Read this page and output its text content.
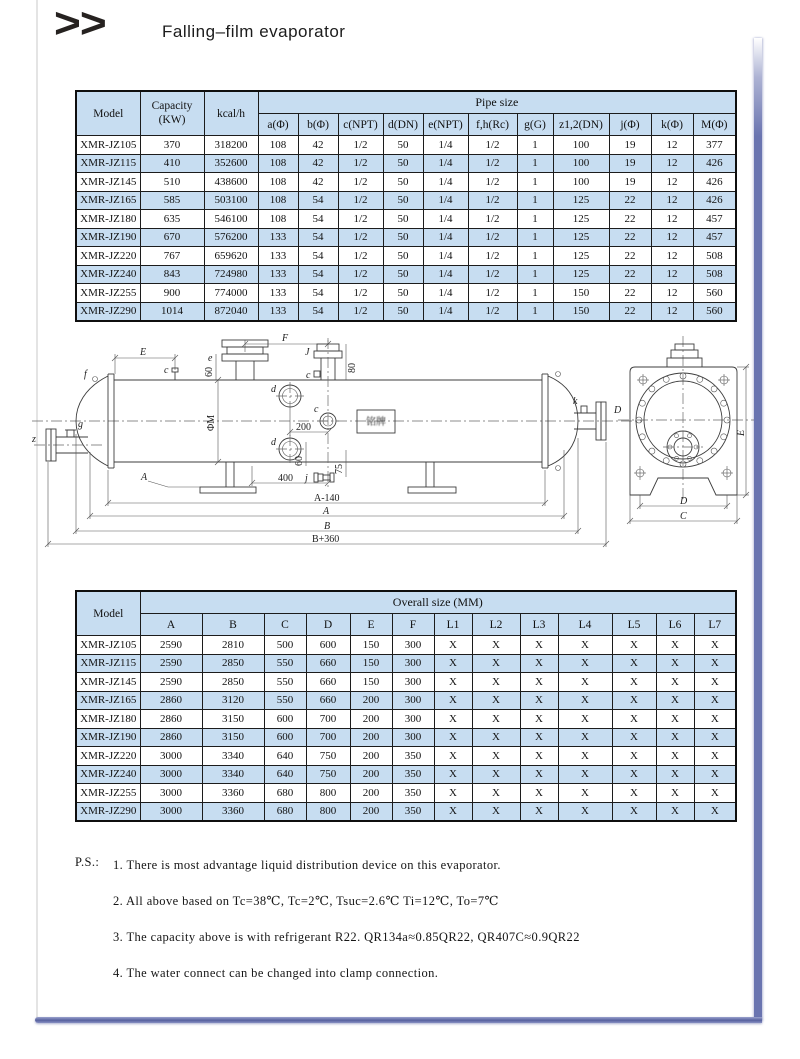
>>	Falling–film evaporator
Model	Capacity
(KW)	kcal/h	Pipe size										
			a(Φ)	b(Φ)	c(NPT)	d(DN)	e(NPT)	f,h(Rc)	g(G)	z1,2(DN)	j(Φ)	k(Φ)	M(Φ)
XMR-JZ105	370	318200	108	42	1/2	50	1/4	1/2	1	100	19	12	377
XMR-JZ115	410	352600	108	42	1/2	50	1/4	1/2	1	100	19	12	426
XMR-JZ145	510	438600	108	42	1/2	50	1/4	1/2	1	100	19	12	426
XMR-JZ165	585	503100	108	54	1/2	50	1/4	1/2	1	125	22	12	426
XMR-JZ180	635	546100	108	54	1/2	50	1/4	1/2	1	125	22	12	457
XMR-JZ190	670	576200	133	54	1/2	50	1/4	1/2	1	125	22	12	457
XMR-JZ220	767	659620	133	54	1/2	50	1/4	1/2	1	125	22	12	508
XMR-JZ240	843	724980	133	54	1/2	50	1/4	1/2	1	125	22	12	508
XMR-JZ255	900	774000	133	54	1/2	50	1/4	1/2	1	150	22	12	560
XMR-JZ290	1014	872040	133	54	1/2	50	1/4	1/2	1	150	22	12	560
z
g
f
E
c
e
60
F
J
c
80
d
c
d
200	铭牌
60
j
75
A
ΦM
k
D
400
A-140
A
B
B+360
D
C
E
Model	Overall size (MM)												
	A	B	C	D	E	F	L1	L2	L3	L4	L5	L6	L7
XMR-JZ105	2590	2810	500	600	150	300	X	X	X	X	X	X	X
XMR-JZ115	2590	2850	550	660	150	300	X	X	X	X	X	X	X
XMR-JZ145	2590	2850	550	660	150	300	X	X	X	X	X	X	X
XMR-JZ165	2860	3120	550	660	200	300	X	X	X	X	X	X	X
XMR-JZ180	2860	3150	600	700	200	300	X	X	X	X	X	X	X
XMR-JZ190	2860	3150	600	700	200	300	X	X	X	X	X	X	X
XMR-JZ220	3000	3340	640	750	200	350	X	X	X	X	X	X	X
XMR-JZ240	3000	3340	640	750	200	350	X	X	X	X	X	X	X
XMR-JZ255	3000	3360	680	800	200	350	X	X	X	X	X	X	X
XMR-JZ290	3000	3360	680	800	200	350	X	X	X	X	X	X	X
P.S.: 1. There is most advantage liquid distribution device on this evaporator.
2. All above based on Tc=38℃, Tc=2℃, Tsuc=2.6℃ Ti=12℃, To=7℃
3. The capacity above is with refrigerant R22. QR134a≈0.85QR22, QR407C≈0.9QR22
4. The water connect can be changed into clamp connection.
